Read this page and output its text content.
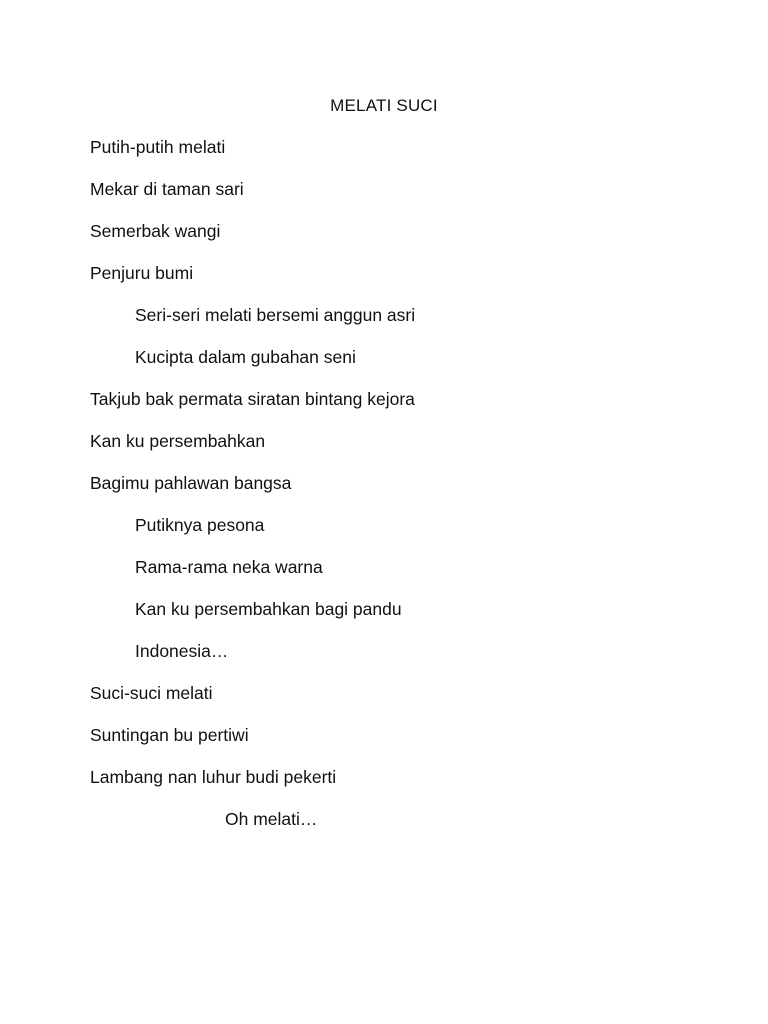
MELATI SUCI
Putih-putih melati
Mekar di taman sari
Semerbak wangi
Penjuru bumi
Seri-seri melati bersemi anggun asri
Kucipta dalam gubahan seni
Takjub bak permata siratan bintang kejora
Kan ku persembahkan
Bagimu pahlawan bangsa
Putiknya pesona
Rama-rama neka warna
Kan ku persembahkan bagi pandu
Indonesia…
Suci-suci melati
Suntingan bu pertiwi
Lambang nan luhur budi pekerti
Oh melati…
